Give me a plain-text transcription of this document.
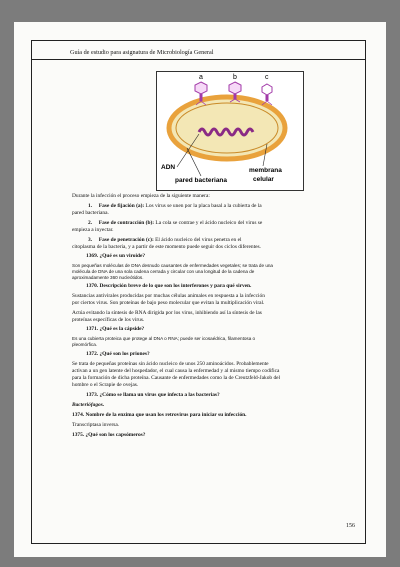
Guía de estudio para asignatura de Microbiología General
a	b	c
ADN
pared bacteriana
membrana
celular
Durante la infección el proceso empieza de la siguiente manera:
1. Fase de fijación (a): Los virus se unen por la placa basal a la cubierta de la
pared bacteriana.
2. Fase de contracción (b): La cola se contrae y el ácido nucleico del virus se
empieza a inyectar.
3. Fase de penetración (c): El ácido nucleico del virus penetra en el
citoplasma de la bacteria, y a partir de este momento puede seguir dos ciclos diferentes.
1369. ¿Qué es un viroide?
Son pequeñas moléculas de DNA desnudo causantes de enfermedades vegetales; se trata de una
molécula de DNA de una sola cadena cerrada y circular con una longitud de la cadena de
aproximadamente 360 nucleótidos.
1370. Descripción breve de lo que son los interferones y para qué sirven.
Sustancias antivirales producidas por muchas células animales en respuesta a la infección
por ciertos virus. Son proteínas de bajo peso molecular que evitan la multiplicación viral.
Actúa evitando la síntesis de RNA dirigida por los virus, inhibiendo así la síntesis de las
proteínas específicas de los virus.
1371. ¿Qué es la cápside?
Es una cubierta proteica que protege al DNA o RNA; puede ser icosaédrica, filamentosa o
pleomórfica.
1372. ¿Qué son los priones?
Se trata de pequeñas proteínas sin ácido nucleico de unos 250 aminoácidos. Probablemente
activan a un gen latente del hospedador, el cual causa la enfermedad y al mismo tiempo codifica
para la formación de dicha proteína. Causante de enfermedades como la de Creutzfeld-Jakob del
hombre o el Scrapie de ovejas.
1373. ¿Cómo se llama un virus que infecta a las bacterias?
Bacteriófagos.
1374. Nombre de la enzima que usan los retrovirus para iniciar su infección.
Transcriptasa inversa.
1375. ¿Qué son los capsómeros?
156
